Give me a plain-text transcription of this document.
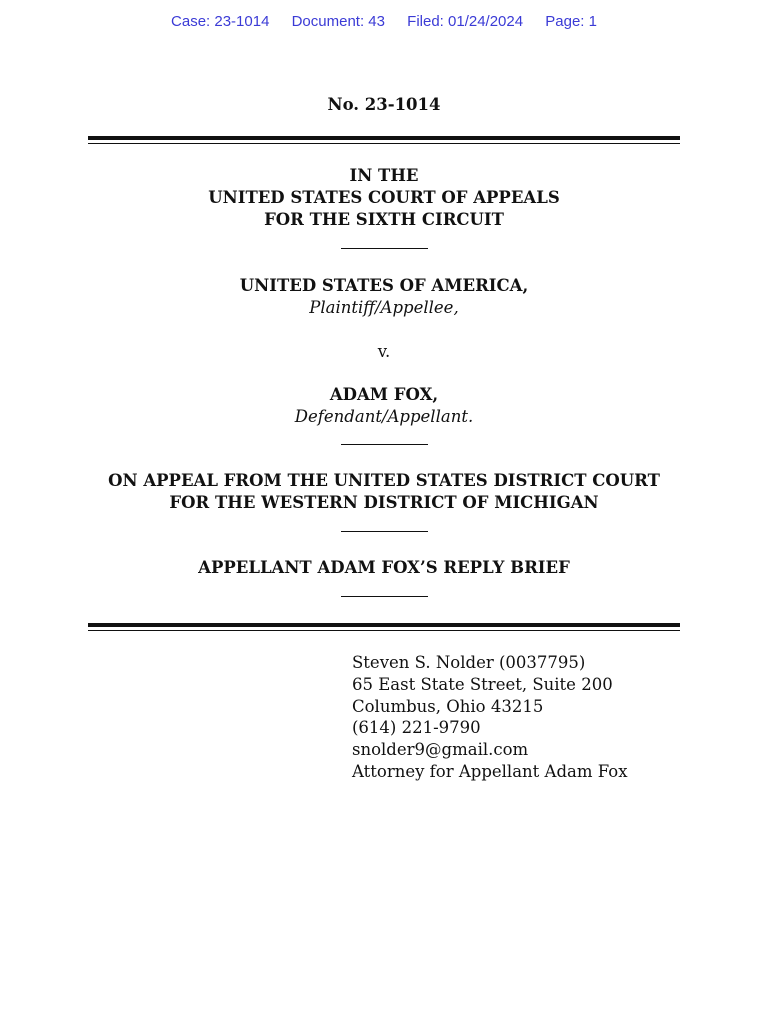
Case: 23-1014 Document: 43 Filed: 01/24/2024 Page: 1
No. 23-1014
IN THE
UNITED STATES COURT OF APPEALS
FOR THE SIXTH CIRCUIT
UNITED STATES OF AMERICA,
Plaintiff/Appellee,
v.
ADAM FOX,
Defendant/Appellant.
ON APPEAL FROM THE UNITED STATES DISTRICT COURT
FOR THE WESTERN DISTRICT OF MICHIGAN
APPELLANT ADAM FOX’S REPLY BRIEF
Steven S. Nolder (0037795)
65 East State Street, Suite 200
Columbus, Ohio 43215
(614) 221-9790
snolder9@gmail.com
Attorney for Appellant Adam Fox
